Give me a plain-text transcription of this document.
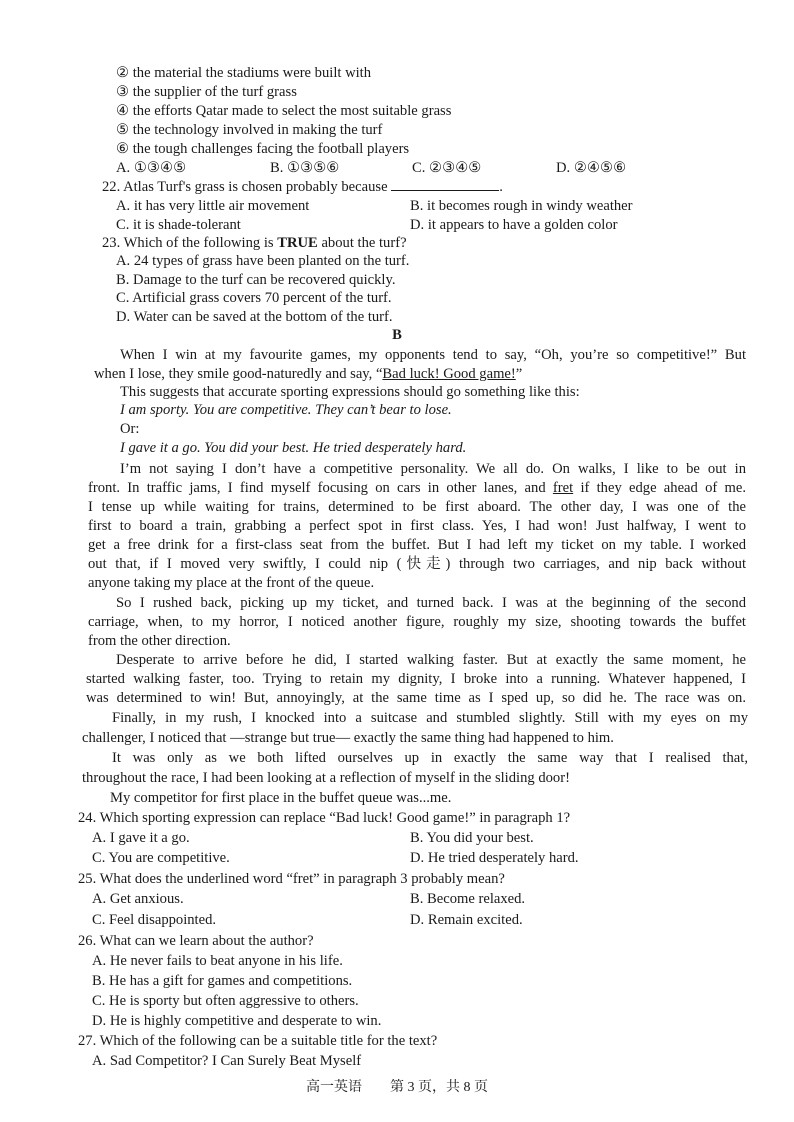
② the material the stadiums were built with
③ the supplier of the turf grass
④ the efforts Qatar made to select the most suitable grass
⑤ the technology involved in making the turf
⑥ the tough challenges facing the football players
A. ①③④⑤	B. ①③⑤⑥	C. ②③④⑤	D. ②④⑤⑥
22. Atlas Turf's grass is chosen probably because	.
A. it has very little air movement	B. it becomes rough in windy weather
C. it is shade-tolerant	D. it appears to have a golden color
23. Which of the following is TRUE about the turf?
A. 24 types of grass have been planted on the turf.
B. Damage to the turf can be recovered quickly.
C. Artificial grass covers 70 percent of the turf.
D. Water can be saved at the bottom of the turf.
B
When I win at my favourite games, my opponents tend to say, “Oh, you’re so competitive!” But
when I lose, they smile good-naturedly and say, “Bad luck! Good game!”
This suggests that accurate sporting expressions should go something like this:
I am sporty. You are competitive. They can’t bear to lose.
Or:
I gave it a go. You did your best. He tried desperately hard.
I’m not saying I don’t have a competitive personality. We all do. On walks, I like to be out in
front. In traffic jams, I find myself focusing on cars in other lanes, and fret if they edge ahead of me.
I tense up while waiting for trains, determined to be first aboard. The other day, I was one of the
first to board a train, grabbing a perfect spot in first class. Yes, I had won! Just halfway, I went to
get a free drink for a first-class seat from the buffet. But I had left my ticket on my table. I worked
out that, if I moved very swiftly, I could nip (快走) through two carriages, and nip back without
anyone taking my place at the front of the queue.
So I rushed back, picking up my ticket, and turned back. I was at the beginning of the second
carriage, when, to my horror, I noticed another figure, roughly my size, shooting towards the buffet
from the other direction.
Desperate to arrive before he did, I started walking faster. But at exactly the same moment, he
started walking faster, too. Trying to retain my dignity, I broke into a running. Whatever happened, I
was determined to win! But, annoyingly, at the same time as I sped up, so did he. The race was on.
Finally, in my rush, I knocked into a suitcase and stumbled slightly. Still with my eyes on my
challenger, I noticed that —strange but true— exactly the same thing had happened to him.
It was only as we both lifted ourselves up in exactly the same way that I realised that,
throughout the race, I had been looking at a reflection of myself in the sliding door!
My competitor for first place in the buffet queue was...me.
24. Which sporting expression can replace “Bad luck! Good game!” in paragraph 1?
A. I gave it a go.	B. You did your best.
C. You are competitive.	D. He tried desperately hard.
25. What does the underlined word “fret” in paragraph 3 probably mean?
A. Get anxious.	B. Become relaxed.
C. Feel disappointed.	D. Remain excited.
26. What can we learn about the author?
A. He never fails to beat anyone in his life.
B. He has a gift for games and competitions.
C. He is sporty but often aggressive to others.
D. He is highly competitive and desperate to win.
27. Which of the following can be a suitable title for the text?
A. Sad Competitor? I Can Surely Beat Myself
高一英语　　第 3 页，共 8 页
